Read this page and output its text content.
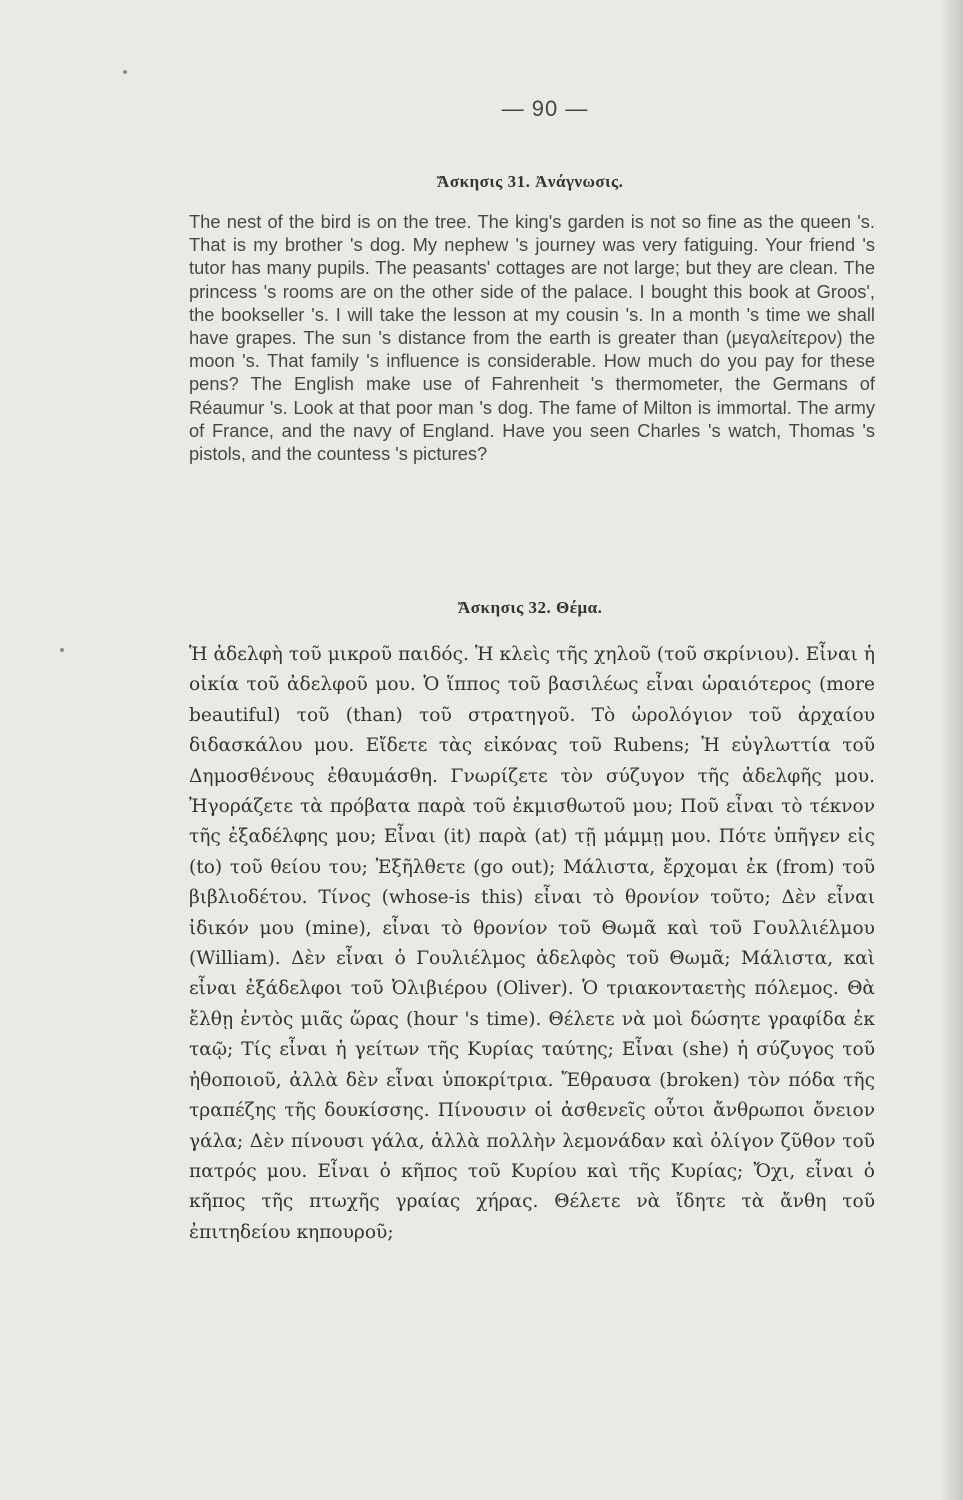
— 90 —
Ἄσκησις 31. Ἀνάγνωσις.

The nest of the bird is on the tree. The king's garden is not so fine as the queen 's. That is my brother 's dog. My nephew 's journey was very fatiguing. Your friend 's tutor has many pupils. The peasants' cottages are not large; but they are clean. The princess 's rooms are on the other side of the palace. I bought this book at Groos', the bookseller 's. I will take the lesson at my cousin 's. In a month 's time we shall have grapes. The sun 's distance from the earth is greater than (μεγαλείτερον) the moon 's. That family 's influence is considerable. How much do you pay for these pens? The English make use of Fahrenheit 's thermometer, the Germans of Réaumur 's. Look at that poor man 's dog. The fame of Milton is immortal. The army of France, and the navy of England. Have you seen Charles 's watch, Thomas 's pistols, and the countess 's pictures?

Ἄσκησις 32. Θέμα.

Ἡ ἀδελφὴ τοῦ μικροῦ παιδός. Ἡ κλεὶς τῆς χηλοῦ (τοῦ σκρίνιου). Εἶναι ἡ οἰκία τοῦ ἀδελφοῦ μου. Ὁ ἵππος τοῦ βασιλέως εἶναι ὡραιότερος (more beautiful) τοῦ (than) τοῦ στρατηγοῦ. Τὸ ὡρολόγιον τοῦ ἀρχαίου διδασκάλου μου. Εἴδετε τὰς εἰκόνας τοῦ Rubens; Ἡ εὐγλωττία τοῦ Δημοσθένους ἐθαυμάσθη. Γνωρίζετε τὸν σύζυγον τῆς ἀδελφῆς μου. Ἠγοράζετε τὰ πρόβατα παρὰ τοῦ ἐκμισθωτοῦ μου; Ποῦ εἶναι τὸ τέκνον τῆς ἐξαδέλφης μου; Εἶναι (it) παρὰ (at) τῇ μάμμῃ μου. Πότε ὑπῆγεν εἰς (to) τοῦ θείου του; Ἐξῆλθετε (go out); Μάλιστα, ἔρχομαι ἐκ (from) τοῦ βιβλιοδέτου. Τίνος (whose-is this) εἶναι τὸ θρονίον τοῦτο; Δὲν εἶναι ἰδικόν μου (mine), εἶναι τὸ θρονίον τοῦ Θωμᾶ καὶ τοῦ Γουλλιέλμου (William). Δὲν εἶναι ὁ Γουλιέλμος ἀδελφὸς τοῦ Θωμᾶ; Μάλιστα, καὶ εἶναι ἐξάδελφοι τοῦ Ὀλιβιέρου (Oliver). Ὁ τριακονταετὴς πόλεμος. Θὰ ἔλθῃ ἐντὸς μιᾶς ὥρας (hour 's time). Θέλετε νὰ μοὶ δώσητε γραφίδα ἐκ ταῷ; Τίς εἶναι ἡ γείτων τῆς Κυρίας ταύτης; Εἶναι (she) ἡ σύζυγος τοῦ ἠθοποιοῦ, ἀλλὰ δὲν εἶναι ὑποκρίτρια. Ἔθραυσα (broken) τὸν πόδα τῆς τραπέζης τῆς δουκίσσης. Πίνουσιν οἱ ἀσθενεῖς οὗτοι ἄνθρωποι ὄνειον γάλα; Δὲν πίνουσι γάλα, ἀλλὰ πολλὴν λεμονάδαν καὶ ὀλίγον ζῦθον τοῦ πατρός μου. Εἶναι ὁ κῆπος τοῦ Κυρίου καὶ τῆς Κυρίας; Ὄχι, εἶναι ὁ κῆπος τῆς πτωχῆς γραίας χήρας. Θέλετε νὰ ἴδητε τὰ ἄνθη τοῦ ἐπιτηδείου κηπουροῦ;
